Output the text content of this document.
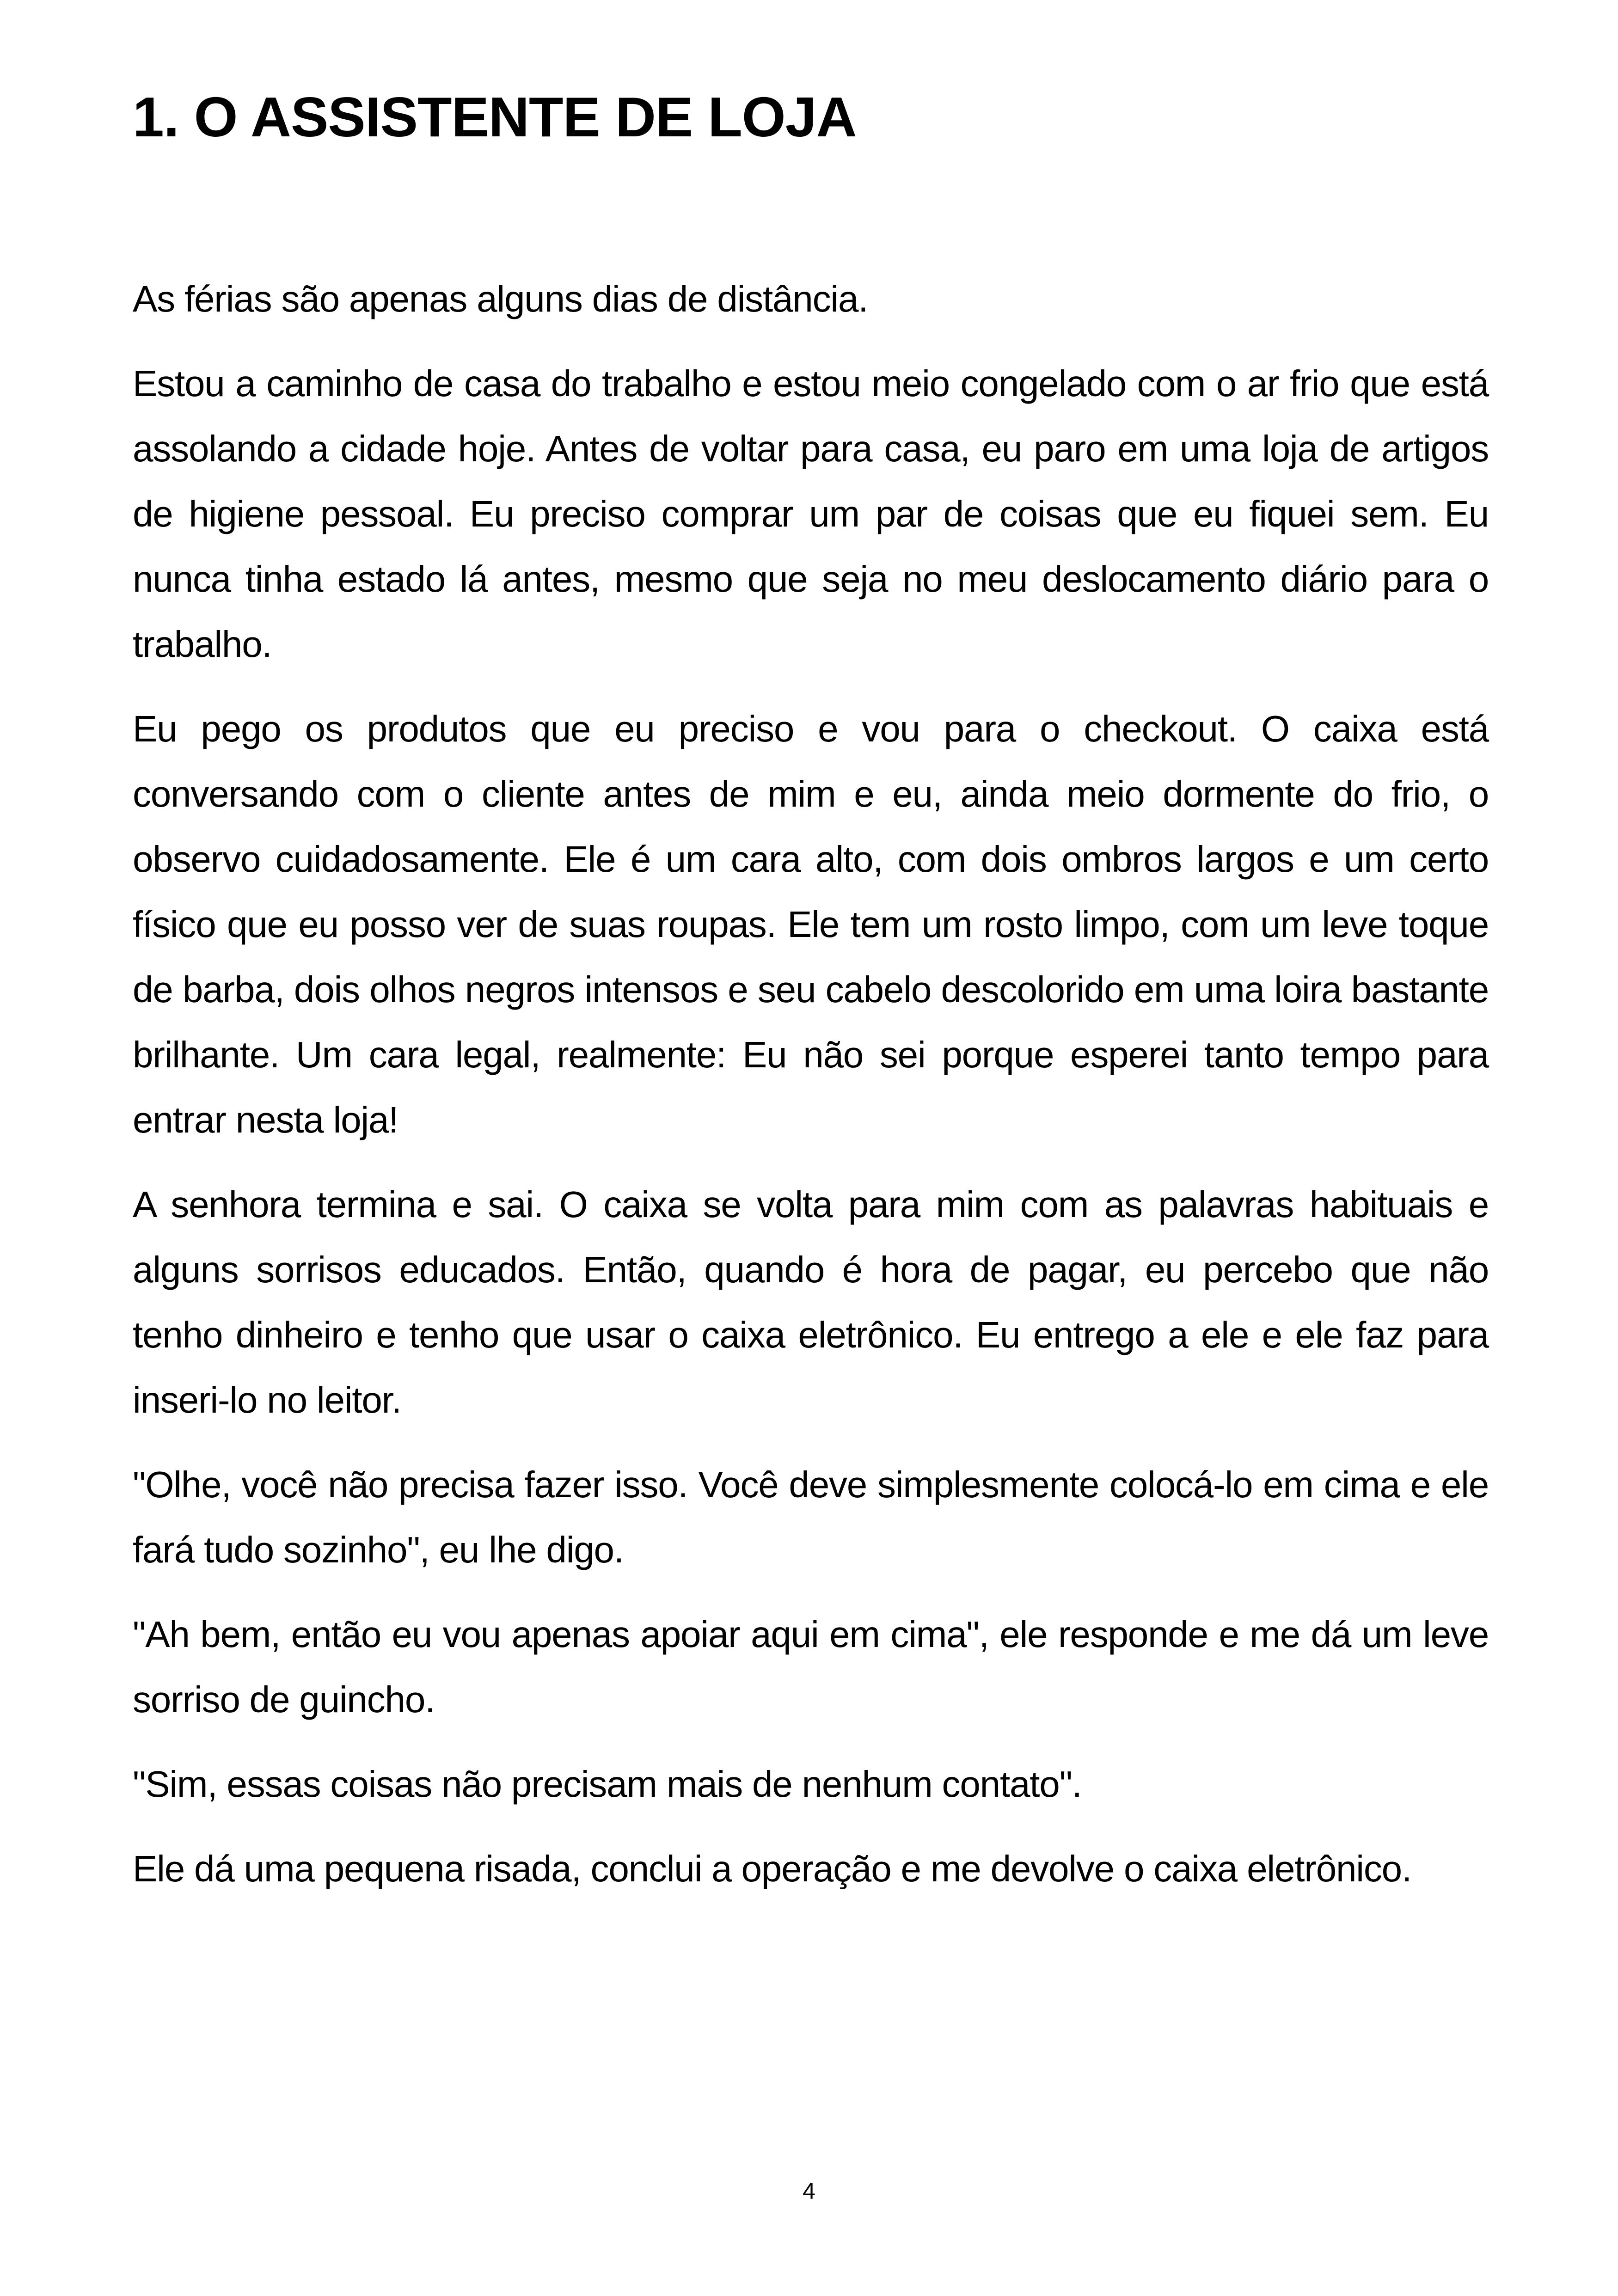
1. O ASSISTENTE DE LOJA

As férias são apenas alguns dias de distância.

Estou a caminho de casa do trabalho e estou meio congelado com o ar frio que está assolando a cidade hoje. Antes de voltar para casa, eu paro em uma loja de artigos de higiene pessoal. Eu preciso comprar um par de coisas que eu fiquei sem. Eu nunca tinha estado lá antes, mesmo que seja no meu deslocamento diário para o trabalho.

Eu pego os produtos que eu preciso e vou para o checkout. O caixa está conversando com o cliente antes de mim e eu, ainda meio dormente do frio, o observo cuidadosamente. Ele é um cara alto, com dois ombros largos e um certo físico que eu posso ver de suas roupas. Ele tem um rosto limpo, com um leve toque de barba, dois olhos negros intensos e seu cabelo descolorido em uma loira bastante brilhante. Um cara legal, realmente: Eu não sei porque esperei tanto tempo para entrar nesta loja!

A senhora termina e sai. O caixa se volta para mim com as palavras habituais e alguns sorrisos educados. Então, quando é hora de pagar, eu percebo que não tenho dinheiro e tenho que usar o caixa eletrônico. Eu entrego a ele e ele faz para inseri-lo no leitor.

"Olhe, você não precisa fazer isso. Você deve simplesmente colocá-lo em cima e ele fará tudo sozinho", eu lhe digo.

"Ah bem, então eu vou apenas apoiar aqui em cima", ele responde e me dá um leve sorriso de guincho.

"Sim, essas coisas não precisam mais de nenhum contato".

Ele dá uma pequena risada, conclui a operação e me devolve o caixa eletrônico.

4
